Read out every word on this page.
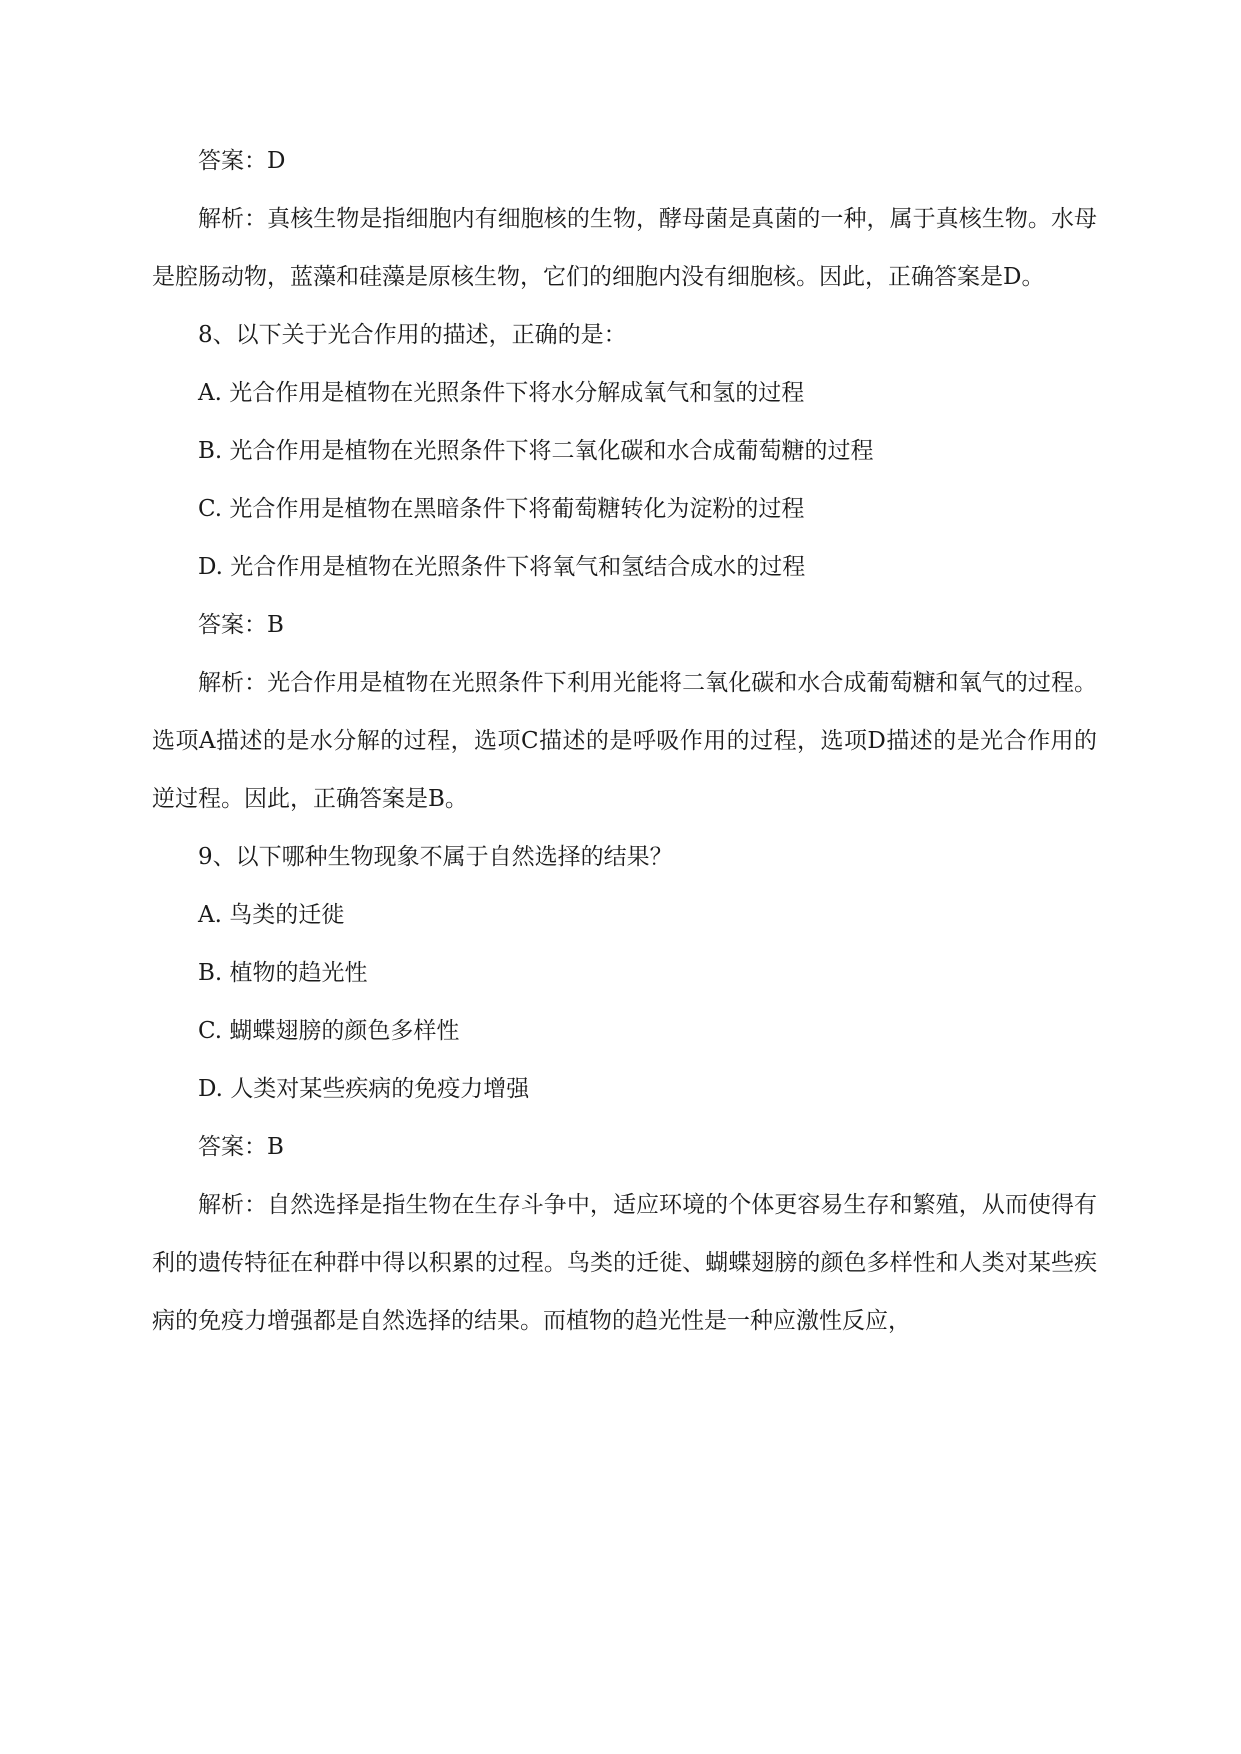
答案：D

解析：真核生物是指细胞内有细胞核的生物，酵母菌是真菌的一种，属于真核生物。水母是腔肠动物，蓝藻和硅藻是原核生物，它们的细胞内没有细胞核。因此，正确答案是D。

8、以下关于光合作用的描述，正确的是：

A. 光合作用是植物在光照条件下将水分解成氧气和氢的过程

B. 光合作用是植物在光照条件下将二氧化碳和水合成葡萄糖的过程

C. 光合作用是植物在黑暗条件下将葡萄糖转化为淀粉的过程

D. 光合作用是植物在光照条件下将氧气和氢结合成水的过程

答案：B

解析：光合作用是植物在光照条件下利用光能将二氧化碳和水合成葡萄糖和氧气的过程。选项A描述的是水分解的过程，选项C描述的是呼吸作用的过程，选项D描述的是光合作用的逆过程。因此，正确答案是B。

9、以下哪种生物现象不属于自然选择的结果？

A. 鸟类的迁徙

B. 植物的趋光性

C. 蝴蝶翅膀的颜色多样性

D. 人类对某些疾病的免疫力增强

答案：B

解析：自然选择是指生物在生存斗争中，适应环境的个体更容易生存和繁殖，从而使得有利的遗传特征在种群中得以积累的过程。鸟类的迁徙、蝴蝶翅膀的颜色多样性和人类对某些疾病的免疫力增强都是自然选择的结果。而植物的趋光性是一种应激性反应，
